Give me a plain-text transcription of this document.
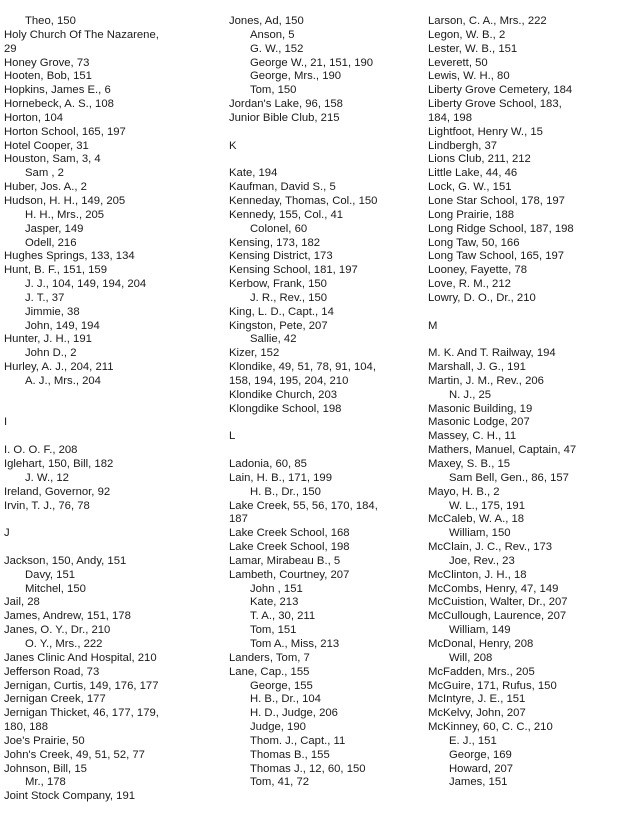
Theo, 150
Holy Church Of The Nazarene,
29
Honey Grove, 73
Hooten, Bob, 151
Hopkins, James E., 6
Hornebeck, A. S., 108
Horton, 104
Horton School, 165, 197
Hotel Cooper, 31
Houston, Sam, 3, 4
Sam , 2
Huber, Jos. A., 2
Hudson, H. H., 149, 205
H. H., Mrs., 205
Jasper, 149
Odell, 216
Hughes Springs, 133, 134
Hunt, B. F., 151, 159
J. J., 104, 149, 194, 204
J. T., 37
Jimmie, 38
John, 149, 194
Hunter, J. H., 191
John D., 2
Hurley, A. J., 204, 211
A. J., Mrs., 204
I
I. O. O. F., 208
Iglehart, 150, Bill, 182
J. W., 12
Ireland, Governor, 92
Irvin, T. J., 76, 78
J
Jackson, 150, Andy, 151
Davy, 151
Mitchel, 150
Jail, 28
James, Andrew, 151, 178
Janes, O. Y., Dr., 210
O. Y., Mrs., 222
Janes Clinic And Hospital, 210
Jefferson Road, 73
Jernigan, Curtis, 149, 176, 177
Jernigan Creek, 177
Jernigan Thicket, 46, 177, 179,
180, 188
Joe's Prairie, 50
John's Creek, 49, 51, 52, 77
Johnson, Bill, 15
Mr., 178
Joint Stock Company, 191
Jones, Ad, 150
Anson, 5
G. W., 152
George W., 21, 151, 190
George, Mrs., 190
Tom, 150
Jordan's Lake, 96, 158
Junior Bible Club, 215
K
Kate, 194
Kaufman, David S., 5
Kenneday, Thomas, Col., 150
Kennedy, 155, Col., 41
Colonel, 60
Kensing, 173, 182
Kensing District, 173
Kensing School, 181, 197
Kerbow, Frank, 150
J. R., Rev., 150
King, L. D., Capt., 14
Kingston, Pete, 207
Sallie, 42
Kizer, 152
Klondike, 49, 51, 78, 91, 104,
158, 194, 195, 204, 210
Klondike Church, 203
Klongdike School, 198
L
Ladonia, 60, 85
Lain, H. B., 171, 199
H. B., Dr., 150
Lake Creek, 55, 56, 170, 184,
187
Lake Creek School, 168
Lake Creek School, 198
Lamar, Mirabeau B., 5
Lambeth, Courtney, 207
John , 151
Kate, 213
T. A., 30, 211
Tom, 151
Tom A., Miss, 213
Landers, Tom, 7
Lane, Cap., 155
George, 155
H. B., Dr., 104
H. D., Judge, 206
Judge, 190
Thom. J., Capt., 11
Thomas B., 155
Thomas J., 12, 60, 150
Tom, 41, 72
Larson, C. A., Mrs., 222
Legon, W. B., 2
Lester, W. B., 151
Leverett, 50
Lewis, W. H., 80
Liberty Grove Cemetery, 184
Liberty Grove School, 183,
184, 198
Lightfoot, Henry W., 15
Lindbergh, 37
Lions Club, 211, 212
Little Lake, 44, 46
Lock, G. W., 151
Lone Star School, 178, 197
Long Prairie, 188
Long Ridge School, 187, 198
Long Taw, 50, 166
Long Taw School, 165, 197
Looney, Fayette, 78
Love, R. M., 212
Lowry, D. O., Dr., 210
M
M. K. And T. Railway, 194
Marshall, J. G., 191
Martin, J. M., Rev., 206
N. J., 25
Masonic Building, 19
Masonic Lodge, 207
Massey, C. H., 11
Mathers, Manuel, Captain, 47
Maxey, S. B., 15
Sam Bell, Gen., 86, 157
Mayo, H. B., 2
W. L., 175, 191
McCaleb, W. A., 18
William, 150
McClain, J. C., Rev., 173
Joe, Rev., 23
McClinton, J. H., 18
McCombs, Henry, 47, 149
McCuistion, Walter, Dr., 207
McCullough, Laurence, 207
William, 149
McDonal, Henry, 208
Will, 208
McFadden, Mrs., 205
McGuire, 171, Rufus, 150
McIntyre, J. E., 151
McKelvy, John, 207
McKinney, 60, C. C., 210
E. J., 151
George, 169
Howard, 207
James, 151
